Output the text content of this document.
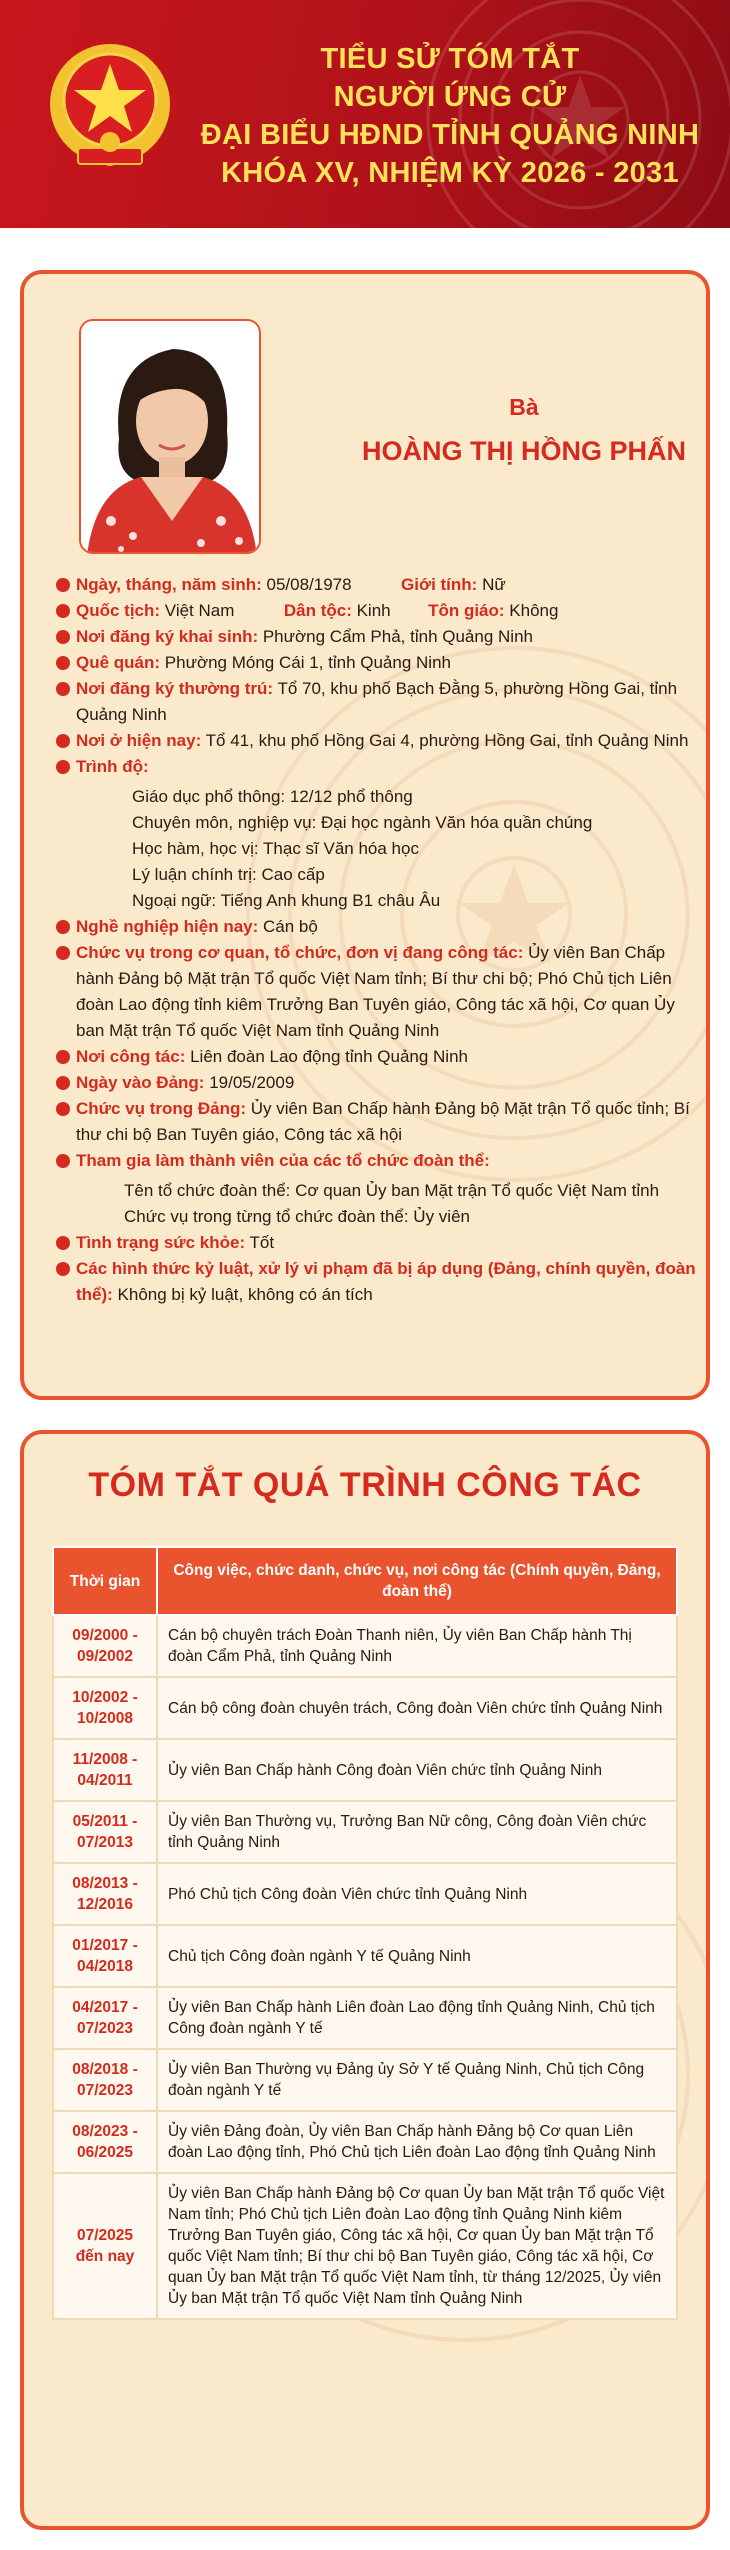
TIỂU SỬ TÓM TẮT
NGƯỜI ỨNG CỬ
ĐẠI BIỂU HĐND TỈNH QUẢNG NINH
KHÓA XV, NHIỆM KỲ 2026 - 2031
Bà
HOÀNG THỊ HỒNG PHẤN
Ngày, tháng, năm sinh: 05/08/1978	Giới tính: Nữ
Quốc tịch: Việt Nam	Dân tộc: Kinh Tôn giáo: Không
Nơi đăng ký khai sinh: Phường Cẩm Phả, tỉnh Quảng Ninh
Quê quán: Phường Móng Cái 1, tỉnh Quảng Ninh
Nơi đăng ký thường trú: Tổ 70, khu phố Bạch Đằng 5, phường Hồng Gai, tỉnh Quảng Ninh
Nơi ở hiện nay: Tổ 41, khu phố Hồng Gai 4, phường Hồng Gai, tỉnh Quảng Ninh
Trình độ:
Giáo dục phổ thông: 12/12 phổ thông
Chuyên môn, nghiệp vụ: Đại học ngành Văn hóa quần chúng
Học hàm, học vị: Thạc sĩ Văn hóa học
Lý luận chính trị: Cao cấp
Ngoại ngữ: Tiếng Anh khung B1 châu Âu
Nghề nghiệp hiện nay: Cán bộ
Chức vụ trong cơ quan, tổ chức, đơn vị đang công tác: Ủy viên Ban Chấp hành Đảng bộ Mặt trận Tổ quốc Việt Nam tỉnh; Bí thư chi bộ; Phó Chủ tịch Liên đoàn Lao động tỉnh kiêm Trưởng Ban Tuyên giáo, Công tác xã hội, Cơ quan Ủy ban Mặt trận Tổ quốc Việt Nam tỉnh Quảng Ninh
Nơi công tác: Liên đoàn Lao động tỉnh Quảng Ninh
Ngày vào Đảng: 19/05/2009
Chức vụ trong Đảng: Ủy viên Ban Chấp hành Đảng bộ Mặt trận Tổ quốc tỉnh; Bí thư chi bộ Ban Tuyên giáo, Công tác xã hội
Tham gia làm thành viên của các tổ chức đoàn thể:
Tên tổ chức đoàn thể: Cơ quan Ủy ban Mặt trận Tổ quốc Việt Nam tỉnh
Chức vụ trong từng tổ chức đoàn thể: Ủy viên
Tình trạng sức khỏe: Tốt
Các hình thức kỷ luật, xử lý vi phạm đã bị áp dụng (Đảng, chính quyền, đoàn thể): Không bị kỷ luật, không có án tích
TÓM TẮT QUÁ TRÌNH CÔNG TÁC
Thời gian	Công việc, chức danh, chức vụ, nơi công tác (Chính quyền, Đảng, đoàn thể)
09/2000 - 09/2002	Cán bộ chuyên trách Đoàn Thanh niên, Ủy viên Ban Chấp hành Thị đoàn Cẩm Phả, tỉnh Quảng Ninh
10/2002 - 10/2008	Cán bộ công đoàn chuyên trách, Công đoàn Viên chức tỉnh Quảng Ninh
11/2008 - 04/2011	Ủy viên Ban Chấp hành Công đoàn Viên chức tỉnh Quảng Ninh
05/2011 - 07/2013	Ủy viên Ban Thường vụ, Trưởng Ban Nữ công, Công đoàn Viên chức tỉnh Quảng Ninh
08/2013 - 12/2016	Phó Chủ tịch Công đoàn Viên chức tỉnh Quảng Ninh
01/2017 - 04/2018	Chủ tịch Công đoàn ngành Y tế Quảng Ninh
04/2017 - 07/2023	Ủy viên Ban Chấp hành Liên đoàn Lao động tỉnh Quảng Ninh, Chủ tịch Công đoàn ngành Y tế
08/2018 - 07/2023	Ủy viên Ban Thường vụ Đảng ủy Sở Y tế Quảng Ninh, Chủ tịch Công đoàn ngành Y tế
08/2023 - 06/2025	Ủy viên Đảng đoàn, Ủy viên Ban Chấp hành Đảng bộ Cơ quan Liên đoàn Lao động tỉnh, Phó Chủ tịch Liên đoàn Lao động tỉnh Quảng Ninh
07/2025 đến nay	Ủy viên Ban Chấp hành Đảng bộ Cơ quan Ủy ban Mặt trận Tổ quốc Việt Nam tỉnh; Phó Chủ tịch Liên đoàn Lao động tỉnh Quảng Ninh kiêm Trưởng Ban Tuyên giáo, Công tác xã hội, Cơ quan Ủy ban Mặt trận Tổ quốc Việt Nam tỉnh; Bí thư chi bộ Ban Tuyên giáo, Công tác xã hội, Cơ quan Ủy ban Mặt trận Tổ quốc Việt Nam tỉnh, từ tháng 12/2025, Ủy viên Ủy ban Mặt trận Tổ quốc Việt Nam tỉnh Quảng Ninh
